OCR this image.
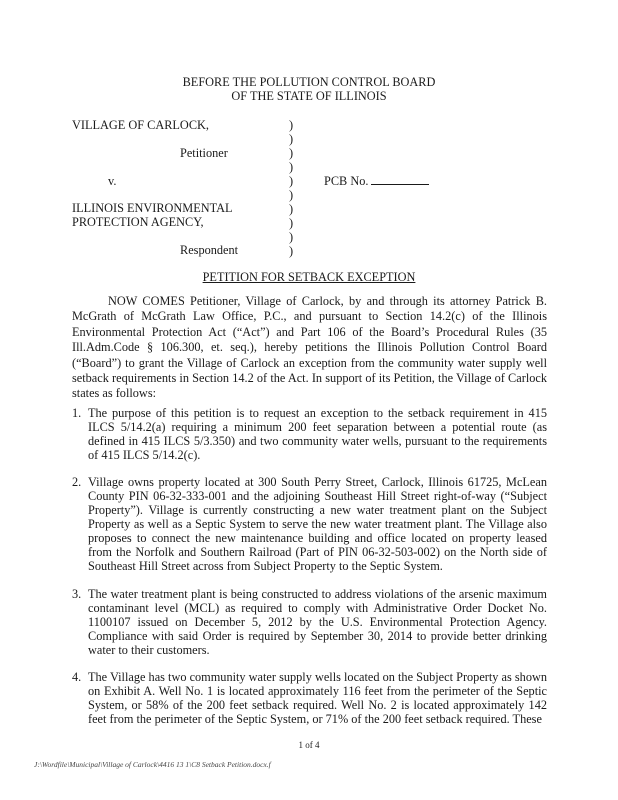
BEFORE THE POLLUTION CONTROL BOARD
OF THE STATE OF ILLINOIS
VILLAGE OF CARLOCK,
Petitioner
v.	PCB No.
ILLINOIS ENVIRONMENTAL
PROTECTION AGENCY,
Respondent
)
)
)
)
)
)
)
)
)
)
PETITION FOR SETBACK EXCEPTION
NOW COMES Petitioner, Village of Carlock, by and through its attorney Patrick B. McGrath of McGrath Law Office, P.C., and pursuant to Section 14.2(c) of the Illinois Environmental Protection Act (“Act”) and Part 106 of the Board’s Procedural Rules (35 Ill.Adm.Code § 106.300, et. seq.), hereby petitions the Illinois Pollution Control Board (“Board”) to grant the Village of Carlock an exception from the community water supply well setback requirements in Section 14.2 of the Act. In support of its Petition, the Village of Carlock states as follows:
1. The purpose of this petition is to request an exception to the setback requirement in 415 ILCS 5/14.2(a) requiring a minimum 200 feet separation between a potential route (as defined in 415 ILCS 5/3.350) and two community water wells, pursuant to the requirements of 415 ILCS 5/14.2(c).
2. Village owns property located at 300 South Perry Street, Carlock, Illinois 61725, McLean County PIN 06-32-333-001 and the adjoining Southeast Hill Street right-of-way (“Subject Property”). Village is currently constructing a new water treatment plant on the Subject Property as well as a Septic System to serve the new water treatment plant. The Village also proposes to connect the new maintenance building and office located on property leased from the Norfolk and Southern Railroad (Part of PIN 06-32-503-002) on the North side of Southeast Hill Street across from Subject Property to the Septic System.
3. The water treatment plant is being constructed to address violations of the arsenic maximum contaminant level (MCL) as required to comply with Administrative Order Docket No. 1100107 issued on December 5, 2012 by the U.S. Environmental Protection Agency. Compliance with said Order is required by September 30, 2014 to provide better drinking water to their customers.
4. The Village has two community water supply wells located on the Subject Property as shown on Exhibit A. Well No. 1 is located approximately 116 feet from the perimeter of the Septic System, or 58% of the 200 feet setback required. Well No. 2 is located approximately 142 feet from the perimeter of the Septic System, or 71% of the 200 feet setback required. These
1 of 4
J:\Wordfile\Municipal\Village of Carlock\4416 13 1\C8 Setback Petition.docx.f
